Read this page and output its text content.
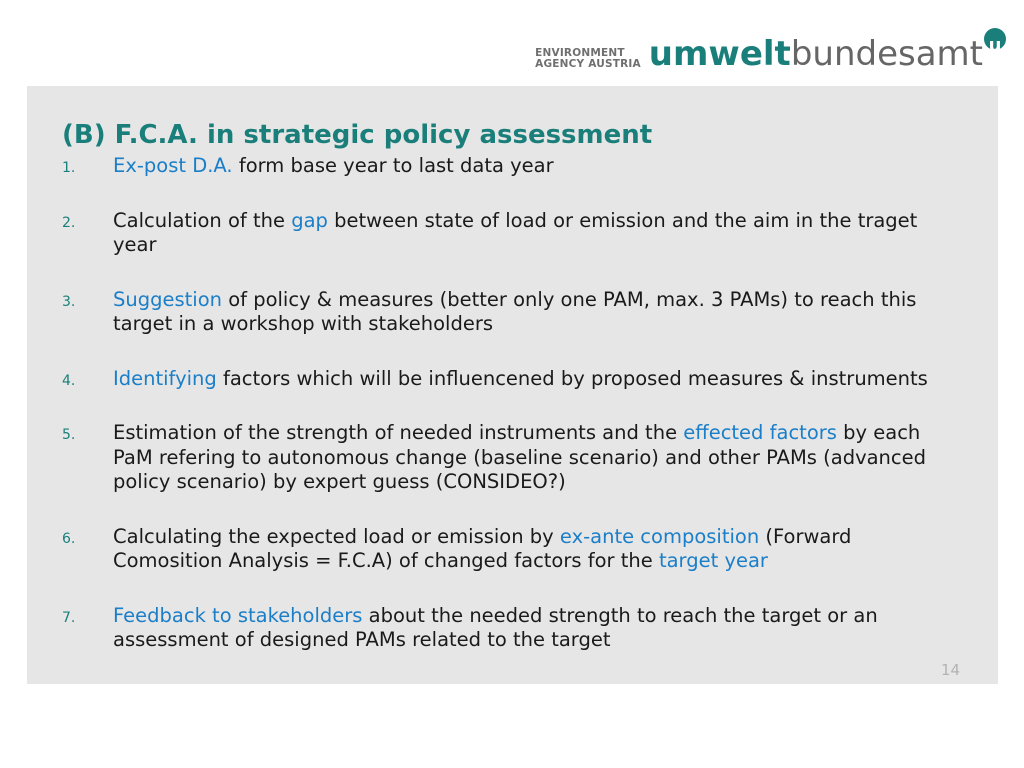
ENVIRONMENT
AGENCY AUSTRIA umweltbundesamtu
(B) F.C.A. in strategic policy assessment
1. Ex-post D.A. form base year to last data year
2. Calculation of the gap between state of load or emission and the aim in the traget year
3. Suggestion of policy & measures (better only one PAM, max. 3 PAMs) to reach this target in a workshop with stakeholders
4. Identifying factors which will be influencened by proposed measures & instruments
5. Estimation of the strength of needed instruments and the effected factors by each PaM refering to autonomous change (baseline scenario) and other PAMs (advanced policy scenario) by expert guess (CONSIDEO?)
6. Calculating the expected load or emission by ex-ante composition (Forward Comosition Analysis = F.C.A) of changed factors for the target year
7. Feedback to stakeholders about the needed strength to reach the target or an assessment of designed PAMs related to the target
14
